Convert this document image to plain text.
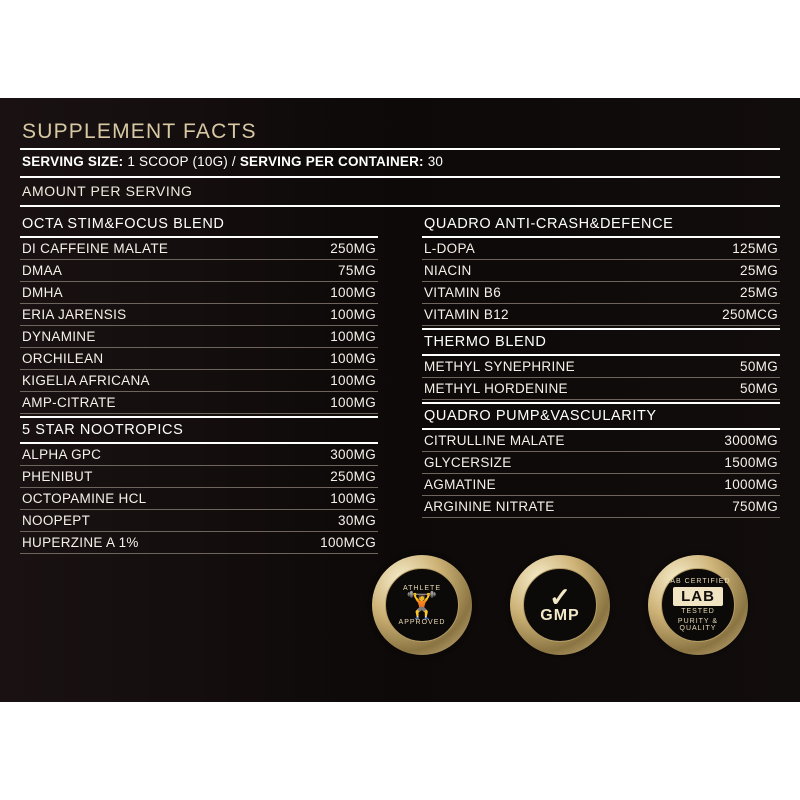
SUPPLEMENT FACTS
SERVING SIZE: 1 SCOOP (10G) / SERVING PER CONTAINER: 30
AMOUNT PER SERVING
OCTA STIM&FOCUS BLEND
DI CAFFEINE MALATE	250MG
DMAA	75MG
DMHA	100MG
ERIA JARENSIS	100MG
DYNAMINE	100MG
ORCHILEAN	100MG
KIGELIA AFRICANA	100MG
AMP-CITRATE	100MG
5 STAR NOOTROPICS
ALPHA GPC	300MG
PHENIBUT	250MG
OCTOPAMINE HCL	100MG
NOOPEPT	30MG
HUPERZINE A 1%	100MCG
QUADRO ANTI-CRASH&DEFENCE
L-DOPA	125MG
NIACIN	25MG
VITAMIN B6	25MG
VITAMIN B12	250MCG
THERMO BLEND
METHYL SYNEPHRINE	50MG
METHYL HORDENINE	50MG
QUADRO PUMP&VASCULARITY
CITRULLINE MALATE	3000MG
GLYCERSIZE	1500MG
AGMATINE	1000MG
ARGININE NITRATE	750MG
ATHLETE
🏋
APPROVED
✓
GMP
LAB CERTIFIED
LAB
TESTED
PURITY & QUALITY
